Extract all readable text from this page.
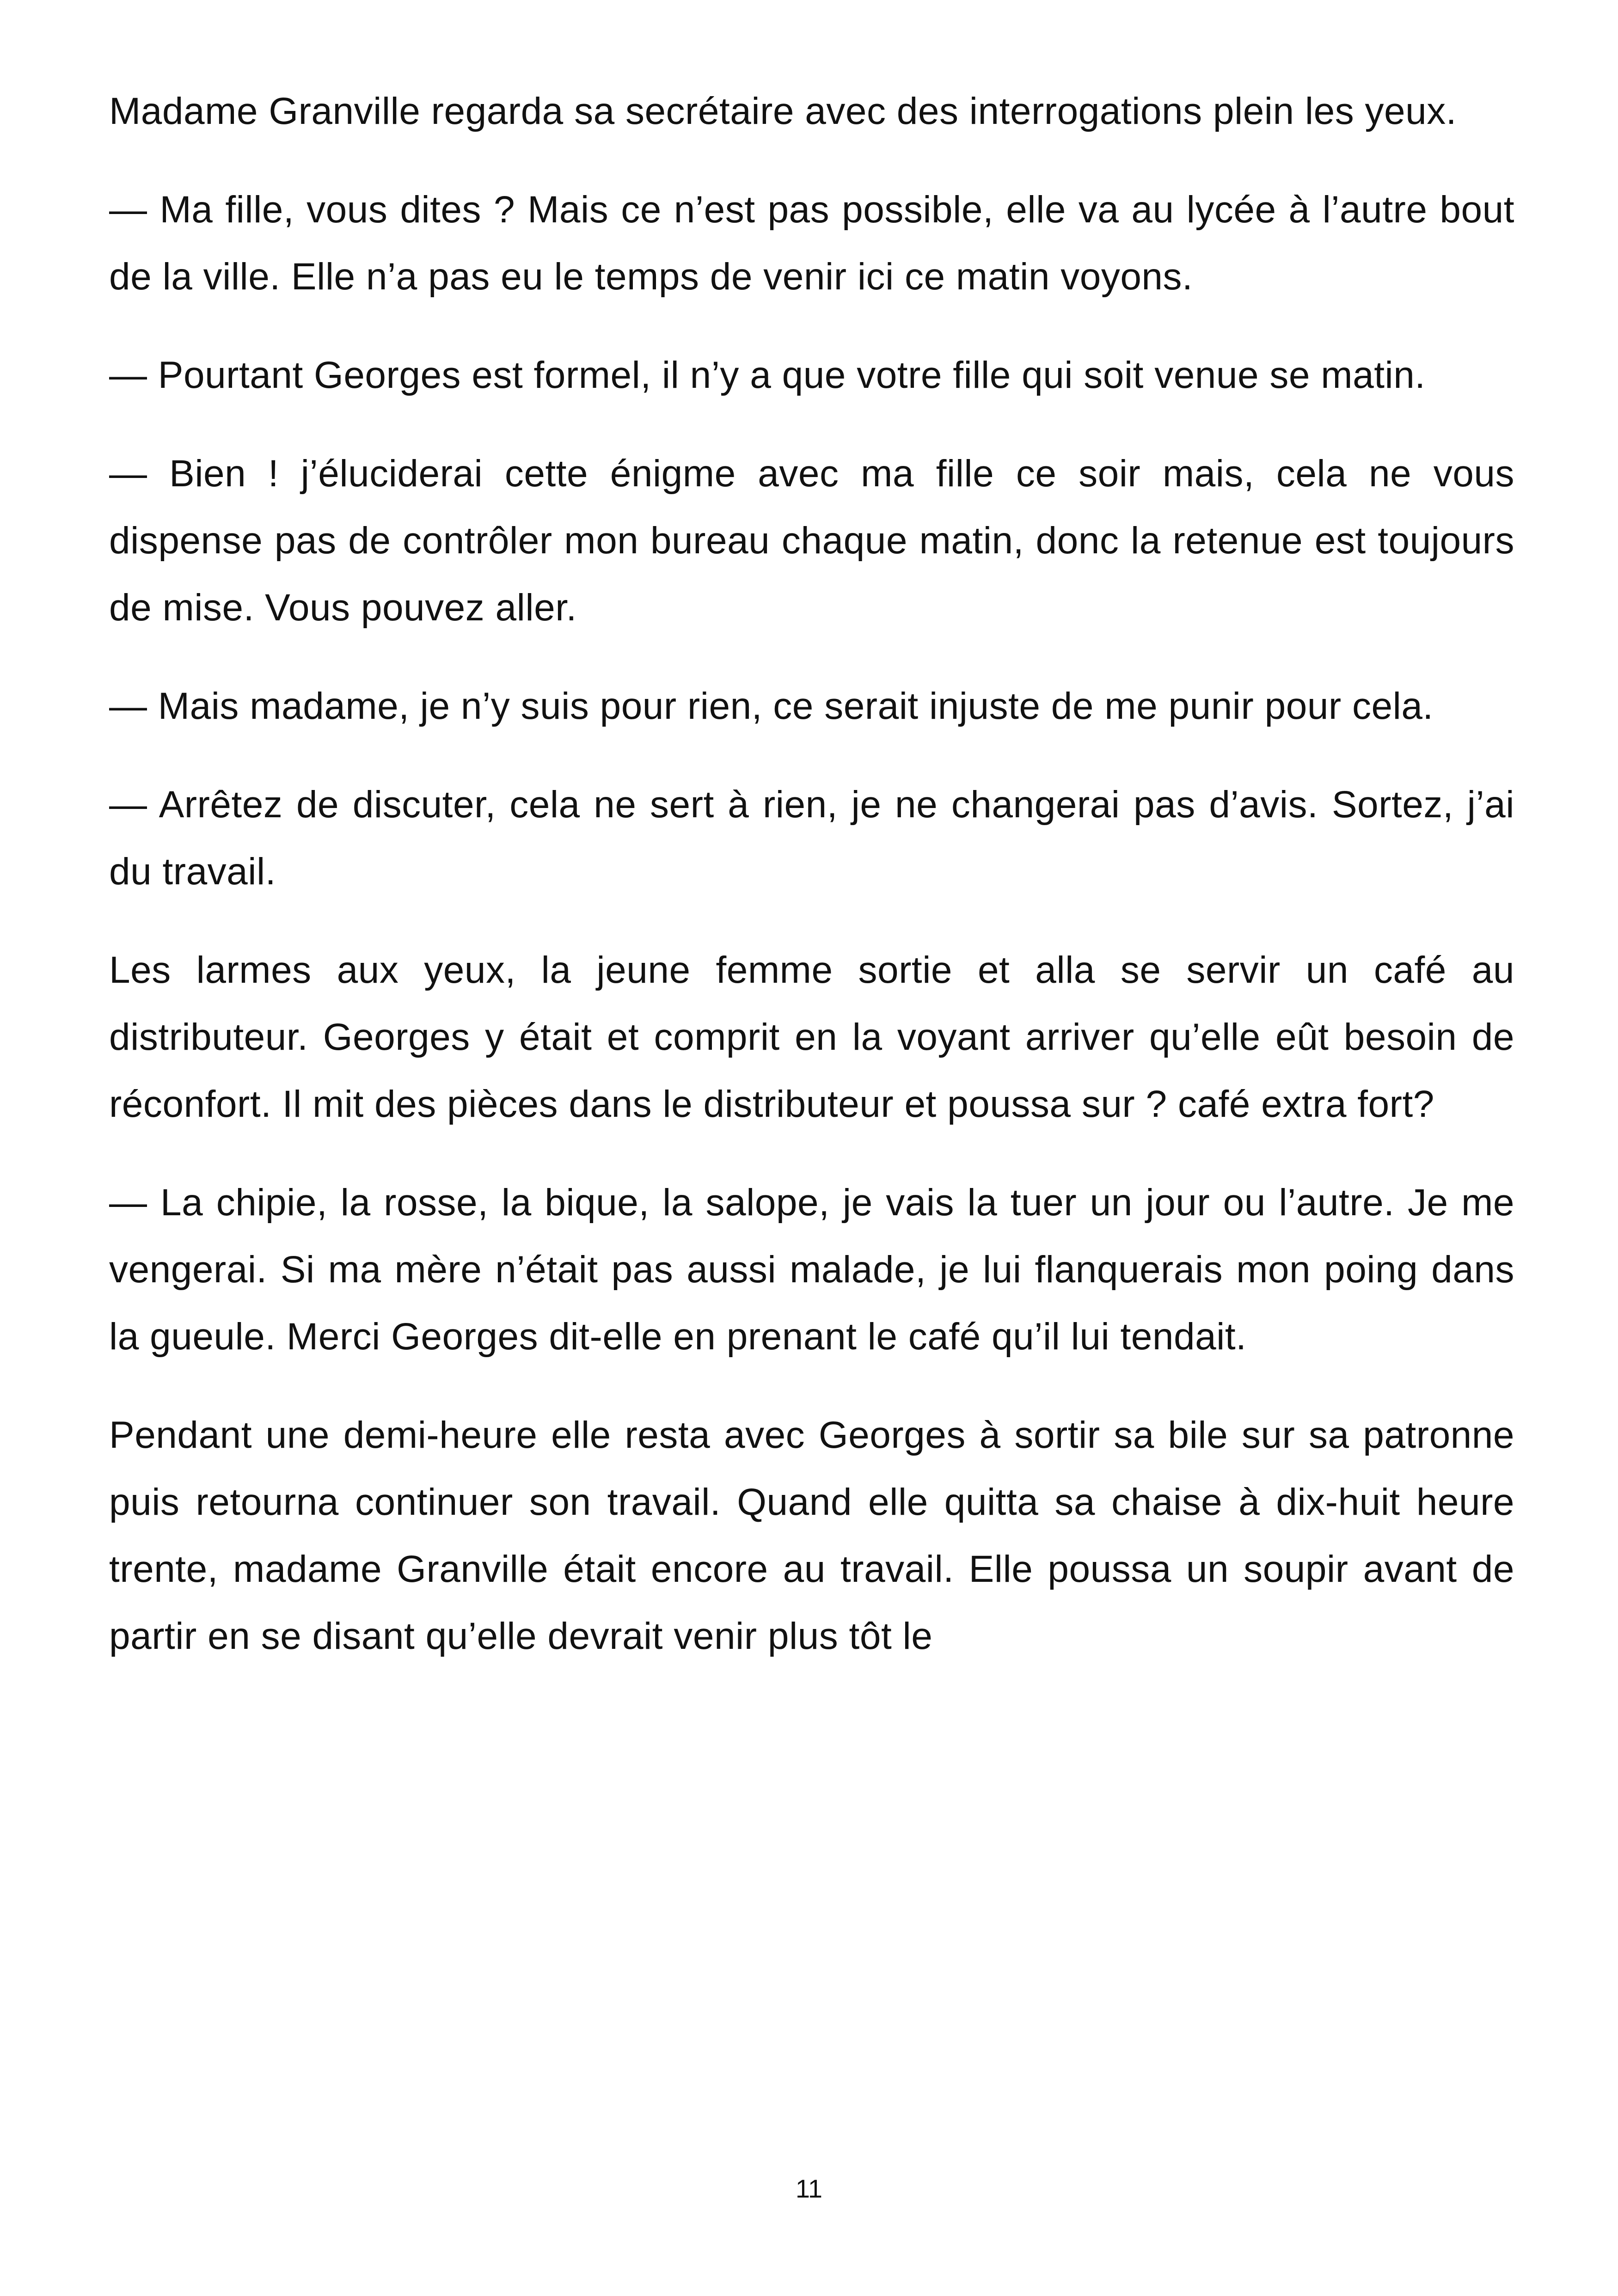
Madame Granville regarda sa secrétaire avec des interrogations plein les yeux.

— Ma fille, vous dites ? Mais ce n’est pas possible, elle va au lycée à l’autre bout de la ville. Elle n’a pas eu le temps de venir ici ce matin voyons.

— Pourtant Georges est formel, il n’y a que votre fille qui soit venue se matin.

— Bien ! j’éluciderai cette énigme avec ma fille ce soir mais, cela ne vous dispense pas de contrôler mon bureau chaque matin, donc la retenue est toujours de mise. Vous pouvez aller.

— Mais madame, je n’y suis pour rien, ce serait injuste de me punir pour cela.

— Arrêtez de discuter, cela ne sert à rien, je ne changerai pas d’avis. Sortez, j’ai du travail.

Les larmes aux yeux, la jeune femme sortie et alla se servir un café au distributeur. Georges y était et comprit en la voyant arriver qu’elle eût besoin de réconfort. Il mit des pièces dans le distributeur et poussa sur ? café extra fort?

— La chipie, la rosse, la bique, la salope, je vais la tuer un jour ou l’autre. Je me vengerai. Si ma mère n’était pas aussi malade, je lui flanquerais mon poing dans la gueule. Merci Georges dit-elle en prenant le café qu’il lui tendait.

Pendant une demi-heure elle resta avec Georges à sortir sa bile sur sa patronne puis retourna continuer son travail. Quand elle quitta sa chaise à dix-huit heure trente, madame Granville était encore au travail. Elle poussa un soupir avant de partir en se disant qu’elle devrait venir plus tôt le

11
